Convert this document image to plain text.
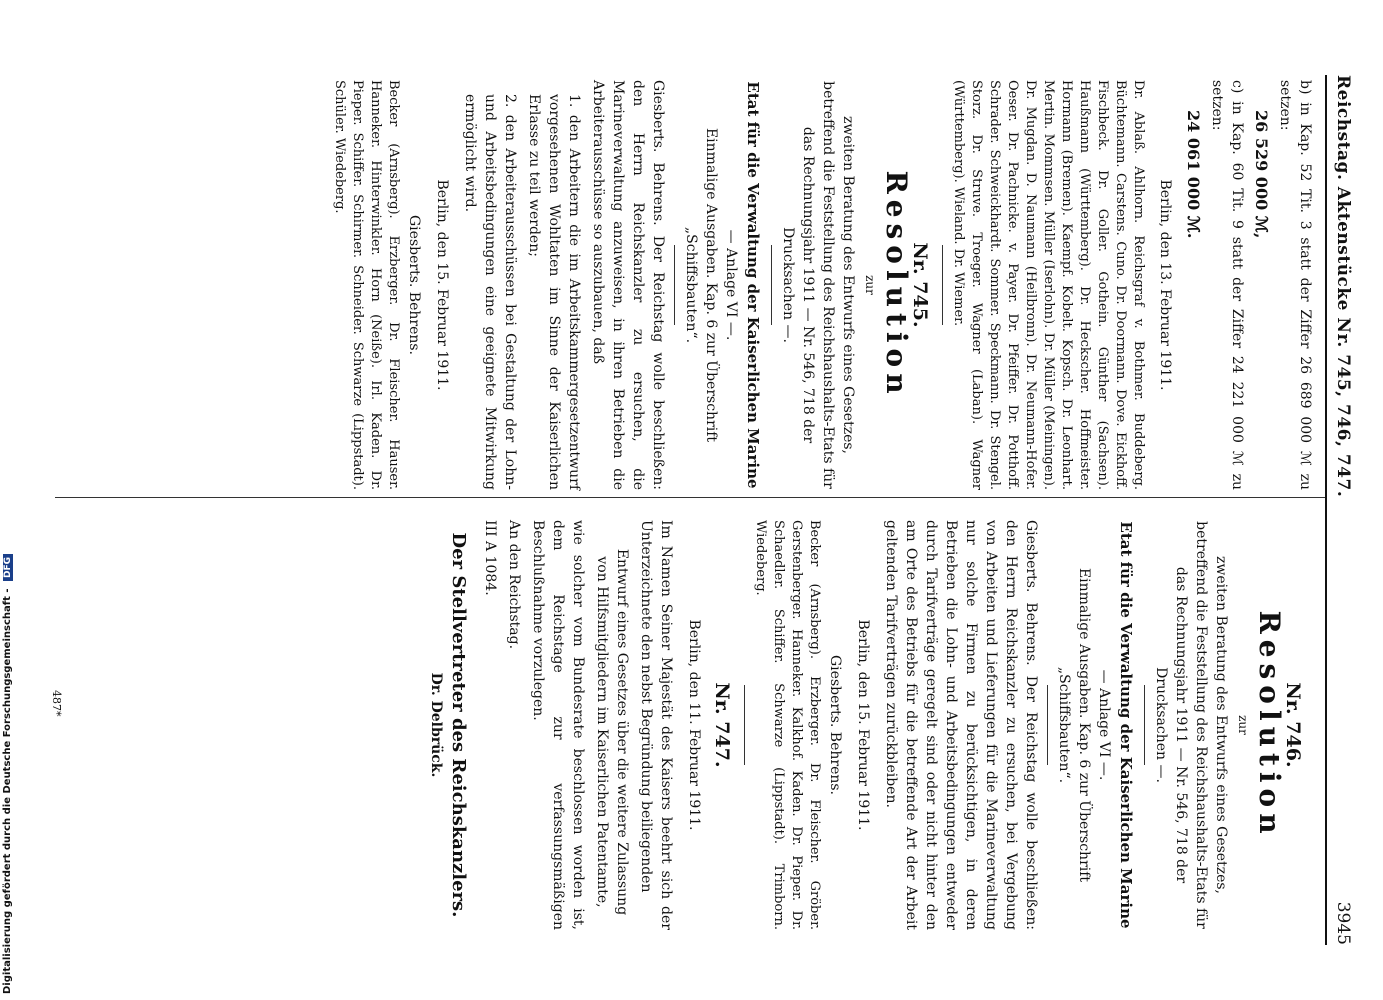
Reichstag. Aktenstücke Nr. 745, 746, 747.
3945

b) in Kap. 52 Tit. 3 statt der Ziffer 26 689 000 ℳ zu setzen:

26 529 000 ℳ,

c) in Kap. 60 Tit. 9 statt der Ziffer 24 221 000 ℳ zu setzen:

24 061 000 ℳ.

Berlin, den 13. Februar 1911.

Dr. Ablaß. Ahlhorn. Reichsgraf v. Bothmer. Buddeberg. Büchtemann. Carstens. Cuno. Dr. Doormann. Dove. Eickhoff. Fischbeck. Dr. Goller. Gothein. Günther (Sachsen). Haußmann (Württemberg). Dr. Heckscher. Hoffmeister. Hormann (Bremen). Kaempf. Kobelt. Kopsch. Dr. Leonhart. Mertin. Mommsen. Müller (Iserlohn). Dr. Müller (Meiningen). Dr. Mugdan. D. Naumann (Heilbronn). Dr. Neumann-Hofer. Oeser. Dr. Pachnicke. v. Payer. Dr. Pfeiffer. Dr. Potthoff. Schrader. Schweickhardt. Sommer. Speckmann. Dr. Stengel. Storz. Dr. Struve. Troeger. Wagner (Laban). Wagner (Württemberg). Wieland. Dr. Wiemer.

Nr. 745.
Resolution
zur

zweiten Beratung des Entwurfs eines Gesetzes, betreffend die Feststellung des Reichshaushalts-Etats für das Rechnungsjahr 1911 — Nr. 546, 718 der Drucksachen —.

Etat für die Verwaltung der Kaiserlichen Marine
— Anlage VI —.

Einmalige Ausgaben. Kap. 6 zur Überschrift „Schiffsbauten“.

Giesberts. Behrens. Der Reichstag wolle beschließen: den Herrn Reichskanzler zu ersuchen, die Marineverwaltung anzuweisen, in ihren Betrieben die Arbeiterausschüsse so auszubauen, daß

1. den Arbeitern die im Arbeitskammergesetzentwurf vorgesehenen Wohltaten im Sinne der Kaiserlichen Erlasse zu teil werden;

2. den Arbeiterausschüssen bei Gestaltung der Lohn- und Arbeitsbedingungen eine geeignete Mitwirkung ermöglicht wird.

Berlin, den 15. Februar 1911.

Giesberts. Behrens.

Becker (Arnsberg). Erzberger. Dr. Fleischer. Hauser. Hanneker. Hinterwinkler. Horn (Neiße). Irl. Kaden. Dr. Pieper. Schiffer. Schirmer. Schneider. Schwarze (Lippstadt). Schüler. Wiedeberg.

Nr. 746.
Resolution
zur

zweiten Beratung des Entwurfs eines Gesetzes, betreffend die Feststellung des Reichshaushalts-Etats für das Rechnungsjahr 1911 — Nr. 546, 718 der Drucksachen —.

Etat für die Verwaltung der Kaiserlichen Marine
— Anlage VI —.

Einmalige Ausgaben. Kap. 6 zur Überschrift „Schiffsbauten“.

Giesberts. Behrens. Der Reichstag wolle beschließen: den Herrn Reichskanzler zu ersuchen, bei Vergebung von Arbeiten und Lieferungen für die Marineverwaltung nur solche Firmen zu berücksichtigen, in deren Betrieben die Lohn- und Arbeitsbedingungen entweder durch Tarifverträge geregelt sind oder nicht hinter den am Orte des Betriebs für die betreffende Art der Arbeit geltenden Tarifverträgen zurückbleiben.

Berlin, den 15. Februar 1911.

Giesberts. Behrens.

Becker (Arnsberg). Erzberger. Dr. Fleischer. Gröber. Gerstenberger. Hanneker. Kalkhof. Kaden. Dr. Pieper. Dr. Schaedler. Schiffer. Schwarze (Lippstadt). Trimborn. Wiedeberg.

Nr. 747.

Berlin, den 11. Februar 1911.

Im Namen Seiner Majestät des Kaisers beehrt sich der Unterzeichnete den nebst Begründung beiliegenden

Entwurf eines Gesetzes über die weitere Zulassung von Hilfsmitgliedern im Kaiserlichen Patentamte,

wie solcher vom Bundesrate beschlossen worden ist, dem Reichstage zur verfassungsmäßigen Beschlußnahme vorzulegen.

An den Reichstag.

III A 1084.

Der Stellvertreter des Reichskanzlers.
Dr. Delbrück.
487*
Digitalisierung gefördert durch die Deutsche Forschungsgemeinschaft - DFG
